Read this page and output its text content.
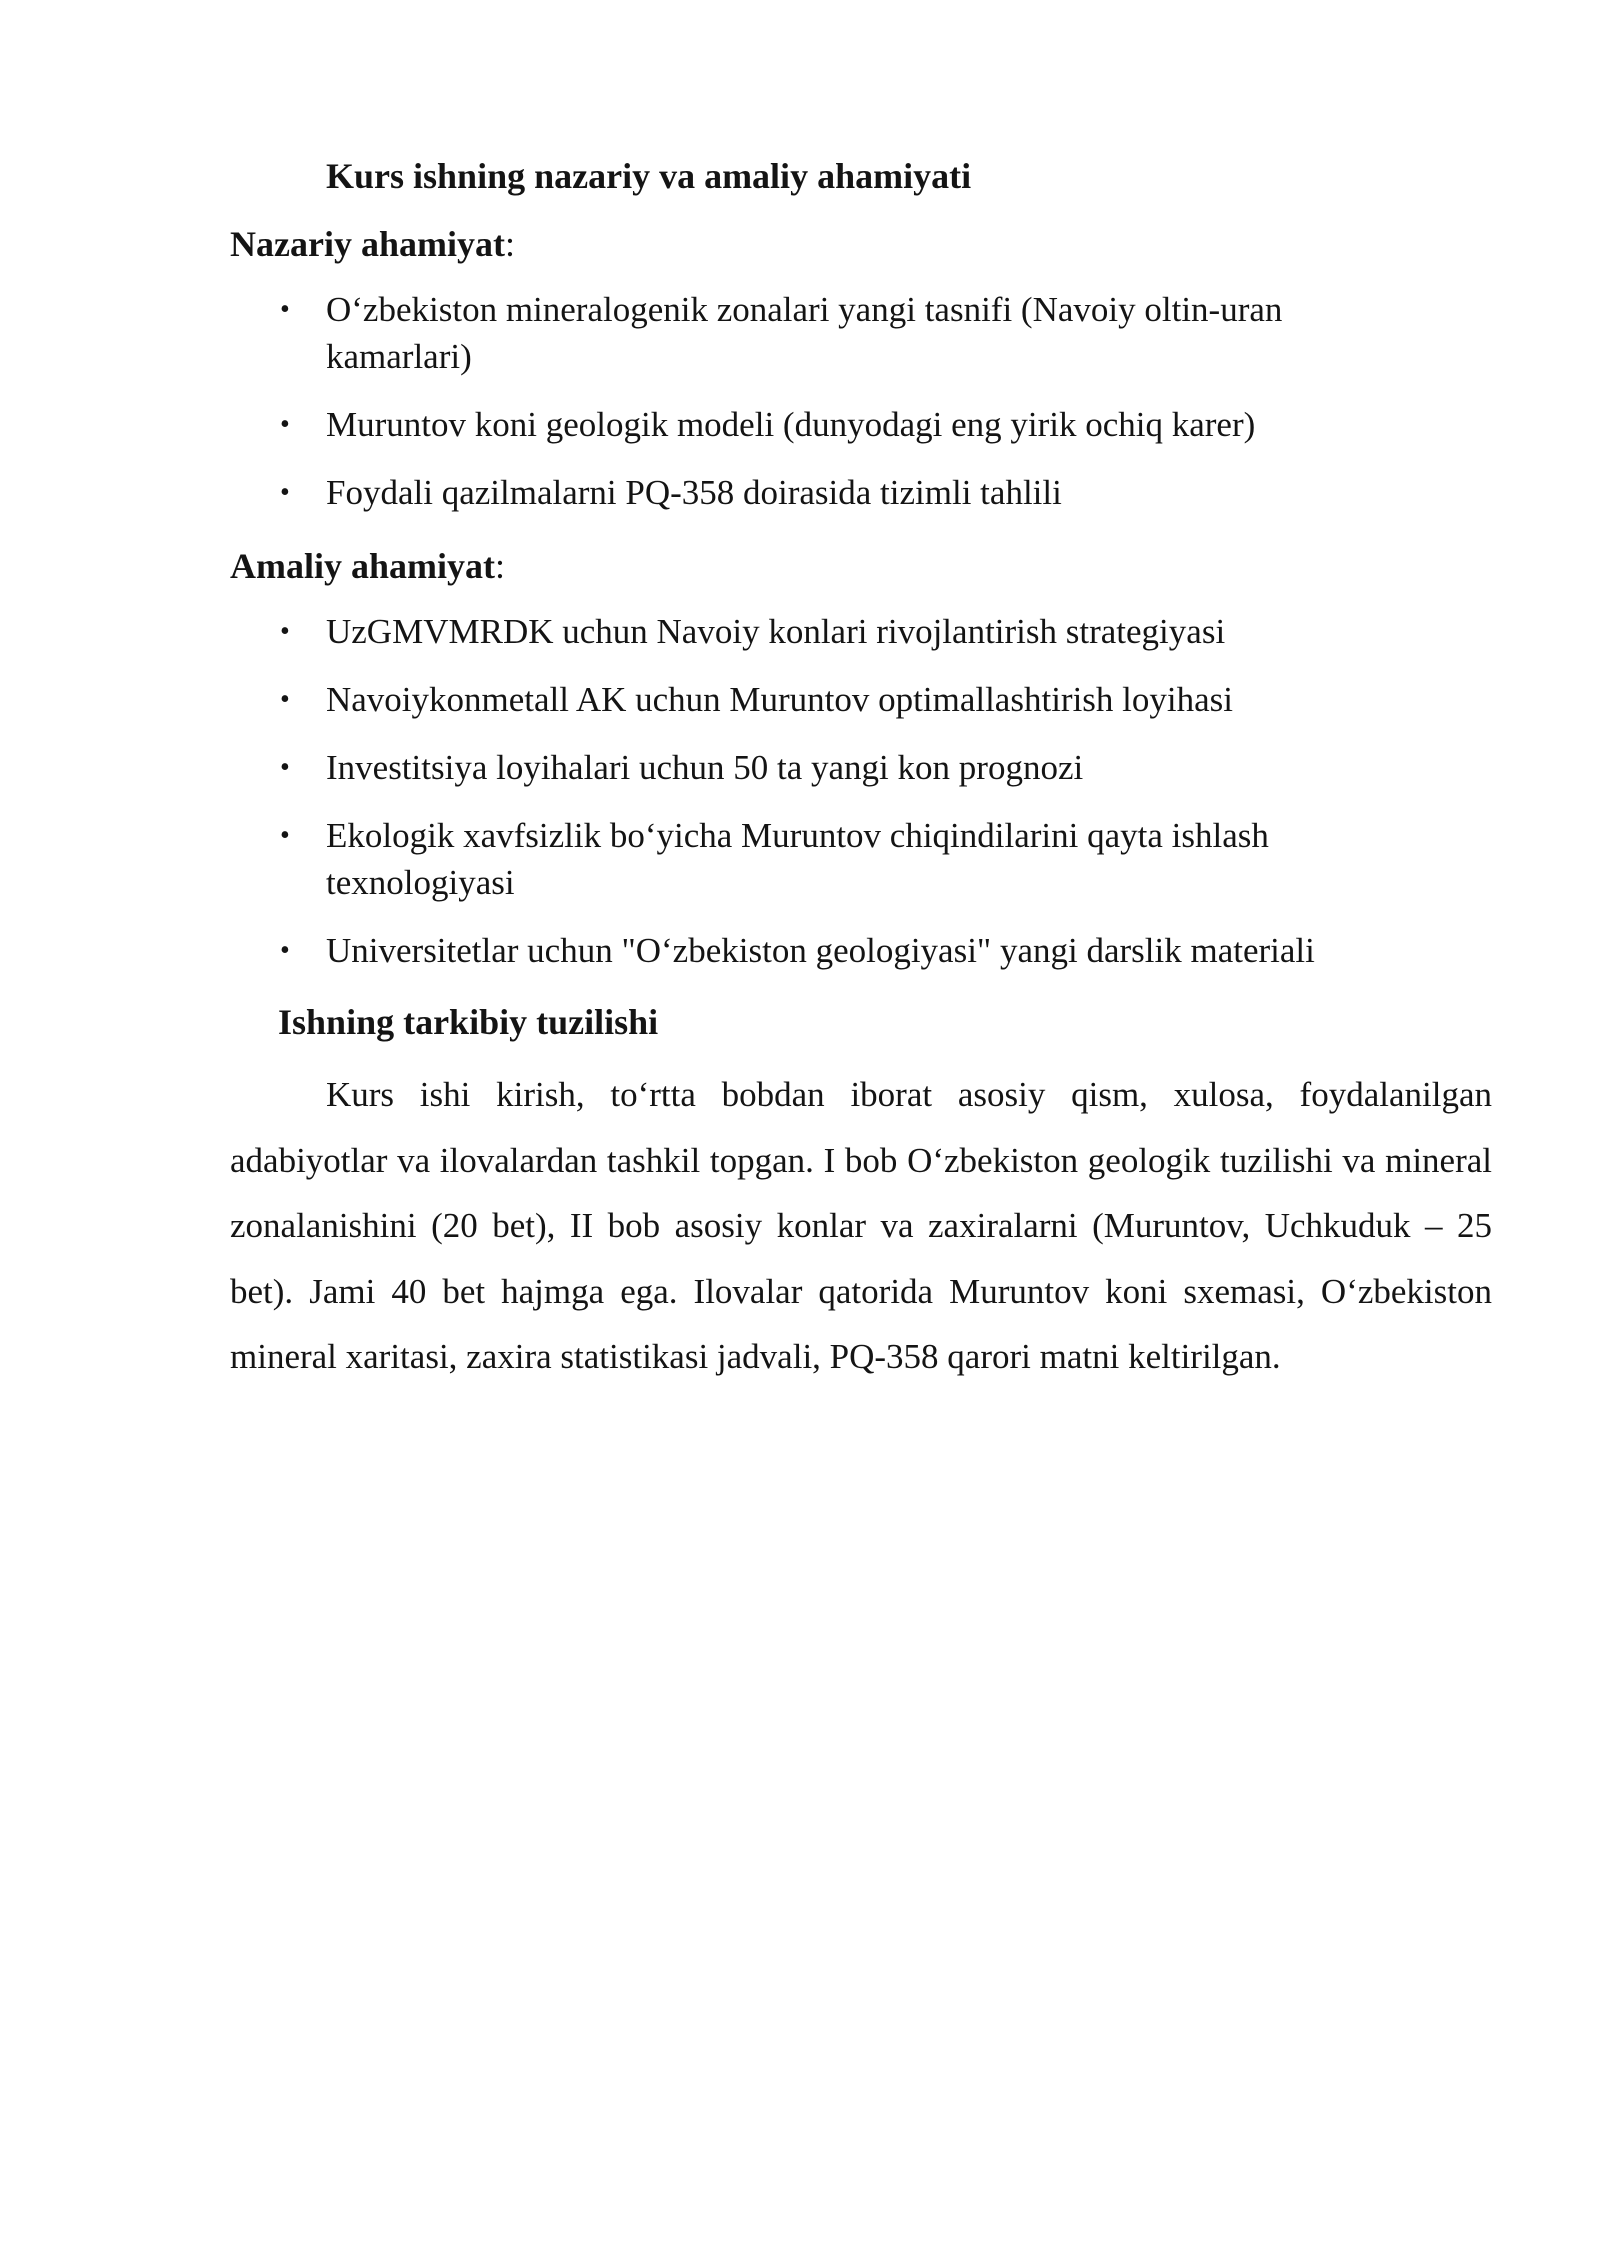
Kurs ishning nazariy va amaliy ahamiyati
Nazariy ahamiyat:
• O‘zbekiston mineralogenik zonalari yangi tasnifi (Navoiy oltin-uran kamarlari)
• Muruntov koni geologik modeli (dunyodagi eng yirik ochiq karer)
• Foydali qazilmalarni PQ-358 doirasida tizimli tahlili
Amaliy ahamiyat:
• UzGMVMRDK uchun Navoiy konlari rivojlantirish strategiyasi
• Navoiykonmetall AK uchun Muruntov optimallashtirish loyihasi
• Investitsiya loyihalari uchun 50 ta yangi kon prognozi
• Ekologik xavfsizlik bo‘yicha Muruntov chiqindilarini qayta ishlash texnologiyasi
• Universitetlar uchun "O‘zbekiston geologiyasi" yangi darslik materiali
Ishning tarkibiy tuzilishi

Kurs ishi kirish, to‘rtta bobdan iborat asosiy qism, xulosa, foydalanilgan adabiyotlar va ilovalardan tashkil topgan. I bob O‘zbekiston geologik tuzilishi va mineral zonalanishini (20 bet), II bob asosiy konlar va zaxiralarni (Muruntov, Uchkuduk – 25 bet). Jami 40 bet hajmga ega. Ilovalar qatorida Muruntov koni sxemasi, O‘zbekiston mineral xaritasi, zaxira statistikasi jadvali, PQ-358 qarori matni keltirilgan.
